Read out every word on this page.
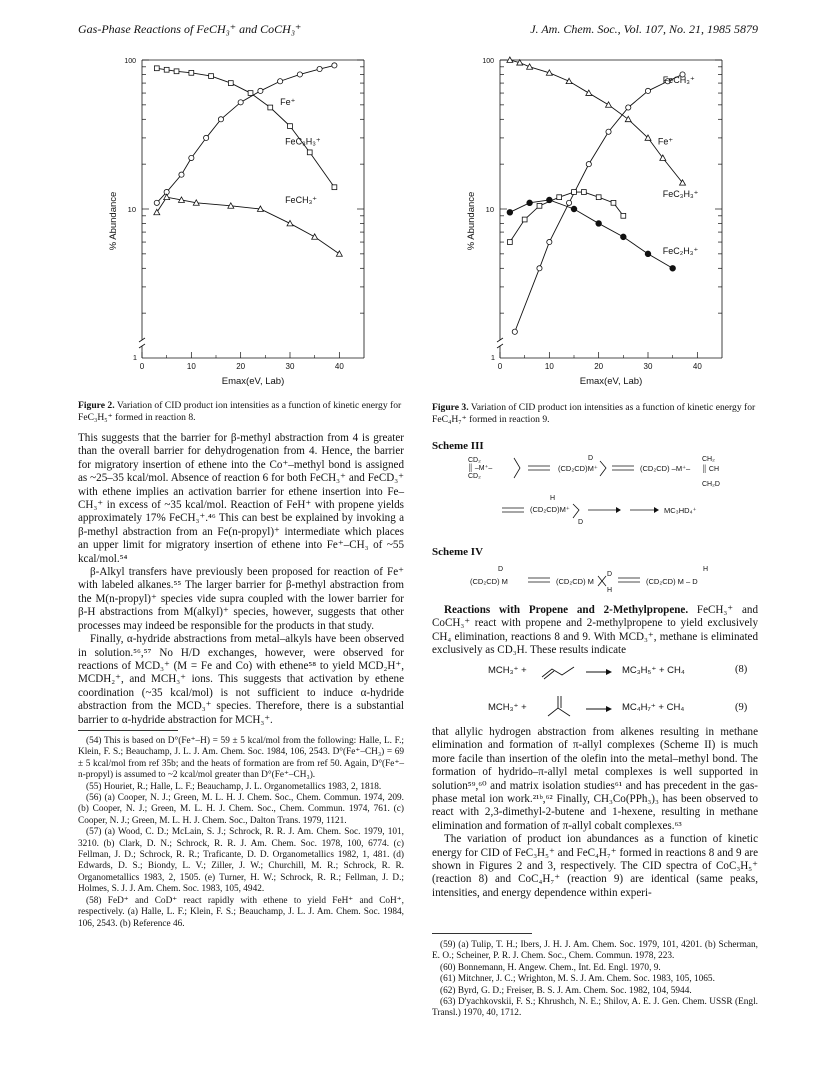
Gas-Phase Reactions of FeCH₃⁺ and CoCH₃⁺	J. Am. Chem. Soc., Vol. 107, No. 21, 1985 5879
100
10
1
0	10	20	30	40
Emax(eV, Lab)
% Abundance
Fe⁺
FeC₃H₃⁺
FeCH₃⁺
Figure 2. Variation of CID product ion intensities as a function of kinetic energy for FeC₃H₅⁺ formed in reaction 8.
100
10
1
0	10	20	30	40
Emax(eV, Lab)
% Abundance
FeCH₃⁺
Fe⁺
FeC₃H₃⁺
FeC₂H₃⁺
Figure 3. Variation of CID product ion intensities as a function of kinetic energy for FeC₄H₇⁺ formed in reaction 9.

This suggests that the barrier for β-methyl abstraction from 4 is greater than the overall barrier for dehydrogenation from 4. Hence, the barrier for migratory insertion of ethene into the Co⁺–methyl bond is assigned as ~25–35 kcal/mol. Absence of reaction 6 for both FeCH₃⁺ and FeCD₃⁺ with ethene implies an activation barrier for ethene insertion into Fe–CH₃⁺ in excess of ~35 kcal/mol. Reaction of FeH⁺ with propene yields approximately 17% FeCH₃⁺.⁴⁶ This can best be explained by invoking a β-methyl abstraction from an Fe(n-propyl)⁺ intermediate which places an upper limit for migratory insertion of ethene into Fe⁺–CH₃ of ~55 kcal/mol.⁵⁴

β-Alkyl transfers have previously been proposed for reaction of Fe⁺ with labeled alkanes.⁵⁵ The larger barrier for β-methyl abstraction from the M(n-propyl)⁺ species vide supra coupled with the lower barrier for β-H abstractions from M(alkyl)⁺ species, however, suggests that other processes may indeed be responsible for the products in that study.

Finally, α-hydride abstractions from metal–alkyls have been observed in solution.⁵⁶,⁵⁷ No H/D exchanges, however, were observed for reactions of MCD₃⁺ (M = Fe and Co) with ethene⁵⁸ to yield MCD₂H⁺, MCDH₂⁺, and MCH₃⁺ ions. This suggests that activation by ethene coordination (~35 kcal/mol) is not sufficient to induce α-hydride abstraction from the MCD₃⁺ species. Therefore, there is a substantial barrier to α-hydride abstraction for MCH₃⁺.

(54) This is based on D°(Fe⁺–H) = 59 ± 5 kcal/mol from the following: Halle, L. F.; Klein, F. S.; Beauchamp, J. L. J. Am. Chem. Soc. 1984, 106, 2543. D°(Fe⁺–CH₃) = 69 ± 5 kcal/mol from ref 35b; and the heats of formation are from ref 50. Again, D°(Fe⁺–n-propyl) is assumed to ~2 kcal/mol greater than D°(Fe⁺–CH₃).

(55) Houriet, R.; Halle, L. F.; Beauchamp, J. L. Organometallics 1983, 2, 1818.

(56) (a) Cooper, N. J.; Green, M. L. H. J. Chem. Soc., Chem. Commun. 1974, 209. (b) Cooper, N. J.; Green, M. L. H. J. Chem. Soc., Chem. Commun. 1974, 761. (c) Cooper, N. J.; Green, M. L. H. J. Chem. Soc., Dalton Trans. 1979, 1121.

(57) (a) Wood, C. D.; McLain, S. J.; Schrock, R. R. J. Am. Chem. Soc. 1979, 101, 3210. (b) Clark, D. N.; Schrock, R. R. J. Am. Chem. Soc. 1978, 100, 6774. (c) Fellman, J. D.; Schrock, R. R.; Traficante, D. D. Organometallics 1982, 1, 481. (d) Edwards, D. S.; Biondy, L. V.; Ziller, J. W.; Churchill, M. R.; Schrock, R. R. Organometallics 1983, 2, 1505. (e) Turner, H. W.; Schrock, R. R.; Fellman, J. D.; Holmes, S. J. J. Am. Chem. Soc. 1983, 105, 4942.

(58) FeD⁺ and CoD⁺ react rapidly with ethene to yield FeH⁺ and CoH⁺, respectively. (a) Halle, L. F.; Klein, F. S.; Beauchamp, J. L. J. Am. Chem. Soc. 1984, 106, 2543. (b) Reference 46.

Scheme III
CD₂
║ –M⁺–
CD₂
D
(CD₂CD)M⁺	(CD₂CD) –M⁺–
CH₂
║ CH
CH₂D
H
(CD₂CD)M⁺
D
MC₃HD₄⁺
Scheme IV
D
(CD₂CD) M	(CD₂CD) M
D
H
H
(CD₂CD) M – D

Reactions with Propene and 2-Methylpropene. FeCH₃⁺ and CoCH₃⁺ react with propene and 2-methylpropene to yield exclusively CH₄ elimination, reactions 8 and 9. With MCD₃⁺, methane is eliminated exclusively as CD₃H. These results indicate

MCH₃⁺ +	→ MC₃H₅⁺ + CH₄	(8)
MCH₃⁺ +	→ MC₄H₇⁺ + CH₄	(9)

that allylic hydrogen abstraction from alkenes resulting in methane elimination and formation of π-allyl complexes (Scheme II) is much more facile than insertion of the olefin into the metal–methyl bond. The formation of hydrido–π-allyl metal complexes is well supported in solution⁵⁹,⁶⁰ and matrix isolation studies⁶¹ and has precedent in the gas-phase metal ion work.²¹ᵇ,⁶² Finally, CH₃Co(PPh₃)₃ has been observed to react with 2,3-dimethyl-2-butene and 1-hexene, resulting in methane elimination and formation of π-allyl cobalt complexes.⁶³

The variation of product ion abundances as a function of kinetic energy for CID of FeC₃H₅⁺ and FeC₄H₇⁺ formed in reactions 8 and 9 are shown in Figures 2 and 3, respectively. The CID spectra of CoC₃H₅⁺ (reaction 8) and CoC₄H₇⁺ (reaction 9) are identical (same peaks, intensities, and energy dependence within experi-

(59) (a) Tulip, T. H.; Ibers, J. H. J. Am. Chem. Soc. 1979, 101, 4201. (b) Scherman, E. O.; Scheiner, P. R. J. Chem. Soc., Chem. Commun. 1978, 223.

(60) Bonnemann, H. Angew. Chem., Int. Ed. Engl. 1970, 9.

(61) Mitchner, J. C.; Wrighton, M. S. J. Am. Chem. Soc. 1983, 105, 1065.

(62) Byrd, G. D.; Freiser, B. S. J. Am. Chem. Soc. 1982, 104, 5944.

(63) D'yachkovskii, F. S.; Khrushch, N. E.; Shilov, A. E. J. Gen. Chem. USSR (Engl. Transl.) 1970, 40, 1712.
